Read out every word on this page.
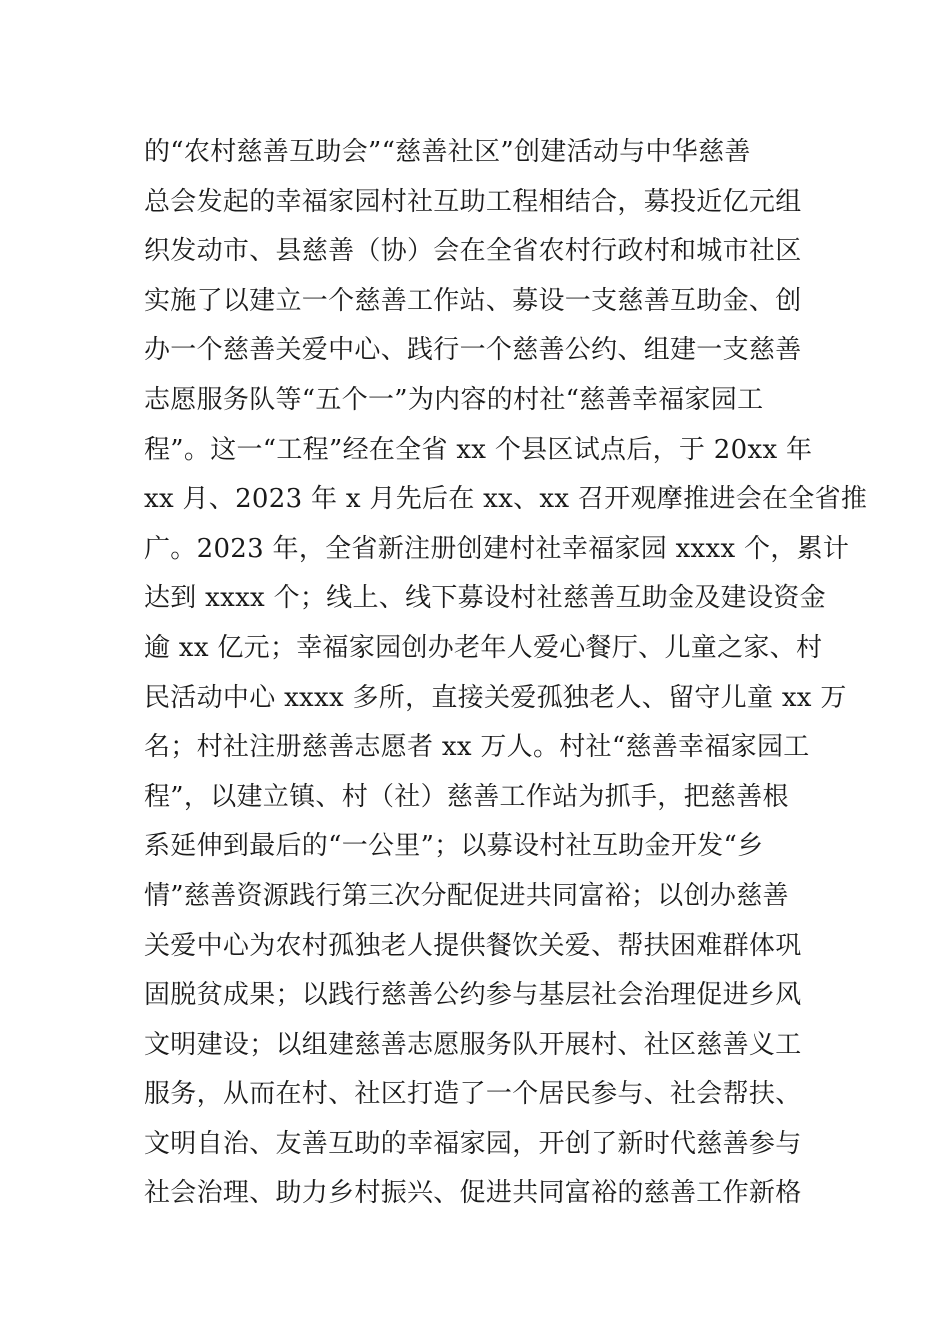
的“农村慈善互助会”“慈善社区”创建活动与中华慈善
总会发起的幸福家园村社互助工程相结合，募投近亿元组
织发动市、县慈善（协）会在全省农村行政村和城市社区
实施了以建立一个慈善工作站、募设一支慈善互助金、创
办一个慈善关爱中心、践行一个慈善公约、组建一支慈善
志愿服务队等“五个一”为内容的村社“慈善幸福家园工
程”。这一“工程”经在全省 xx 个县区试点后，于 20xx 年
xx 月、2023 年 x 月先后在 xx、xx 召开观摩推进会在全省推
广。2023 年，全省新注册创建村社幸福家园 xxxx 个，累计
达到 xxxx 个；线上、线下募设村社慈善互助金及建设资金
逾 xx 亿元；幸福家园创办老年人爱心餐厅、儿童之家、村
民活动中心 xxxx 多所，直接关爱孤独老人、留守儿童 xx 万
名；村社注册慈善志愿者 xx 万人。村社“慈善幸福家园工
程”，以建立镇、村（社）慈善工作站为抓手，把慈善根
系延伸到最后的“一公里”；以募设村社互助金开发“乡
情”慈善资源践行第三次分配促进共同富裕；以创办慈善
关爱中心为农村孤独老人提供餐饮关爱、帮扶困难群体巩
固脱贫成果；以践行慈善公约参与基层社会治理促进乡风
文明建设；以组建慈善志愿服务队开展村、社区慈善义工
服务，从而在村、社区打造了一个居民参与、社会帮扶、
文明自治、友善互助的幸福家园，开创了新时代慈善参与
社会治理、助力乡村振兴、促进共同富裕的慈善工作新格
